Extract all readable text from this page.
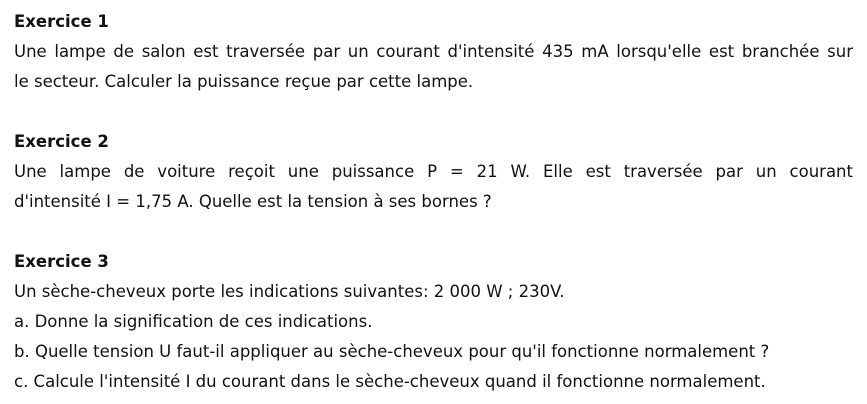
Exercice 1

Une lampe de salon est traversée par un courant d'intensité 435 mA lorsqu'elle est branchée sur
le secteur. Calculer la puissance reçue par cette lampe.

Exercice 2

Une lampe de voiture reçoit une puissance P = 21 W. Elle est traversée par un courant
d'intensité I = 1,75 A. Quelle est la tension à ses bornes ?

Exercice 3

Un sèche-cheveux porte les indications suivantes: 2 000 W ; 230V.
a. Donne la signification de ces indications.
b. Quelle tension U faut-il appliquer au sèche-cheveux pour qu'il fonctionne normalement ?
c. Calcule l'intensité I du courant dans le sèche-cheveux quand il fonctionne normalement.
